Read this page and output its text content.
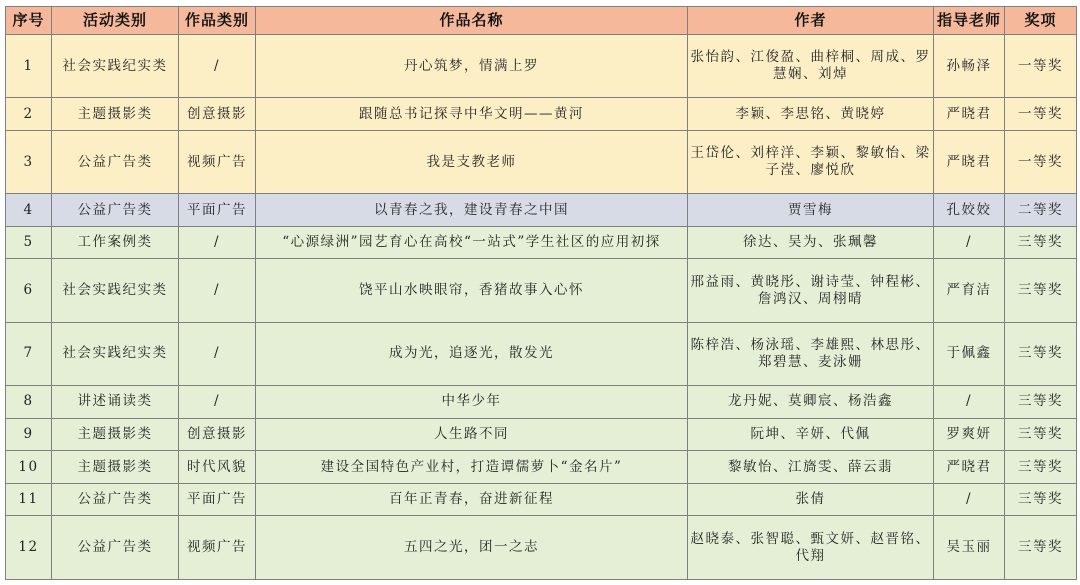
序号	活动类别	作品类别	作品名称	作者	指导老师	奖项
1	社会实践纪实类	/	丹心筑梦，情满上罗	张怡韵、江俊盈、曲梓桐、周成、罗慧娴、刘焯	孙畅泽	一等奖
2	主题摄影类	创意摄影	跟随总书记探寻中华文明——黄河	李颖、李思铭、黄晓婷	严晓君	一等奖
3	公益广告类	视频广告	我是支教老师	王岱伦、刘梓洋、李颖、黎敏怡、梁子滢、廖悦欣	严晓君	一等奖
4	公益广告类	平面广告	以青春之我，建设青春之中国	贾雪梅	孔姣姣	二等奖
5	工作案例类	/	“心源绿洲”园艺育心在高校“一站式”学生社区的应用初探	徐达、吴为、张珮馨	/	三等奖
6	社会实践纪实类	/	饶平山水映眼帘，香猪故事入心怀	邢益雨、黄晓彤、谢诗莹、钟程彬、詹鸿汉、周栩晴	严育洁	三等奖
7	社会实践纪实类	/	成为光，追逐光，散发光	陈梓浩、杨泳瑶、李雄熙、林思彤、郑碧慧、麦泳姗	于佩鑫	三等奖
8	讲述诵读类	/	中华少年	龙丹妮、莫卿宸、杨浩鑫	/	三等奖
9	主题摄影类	创意摄影	人生路不同	阮坤、辛妍、代佩	罗爽妍	三等奖
10	主题摄影类	时代风貌	建设全国特色产业村，打造谭儒萝卜“金名片”	黎敏怡、江旖雯、薛云翡	严晓君	三等奖
11	公益广告类	平面广告	百年正青春，奋进新征程	张倩	/	三等奖
12	公益广告类	视频广告	五四之光，团一之志	赵晓泰、张智聪、甄文妍、赵晋铭、代翔	吴玉丽	三等奖
